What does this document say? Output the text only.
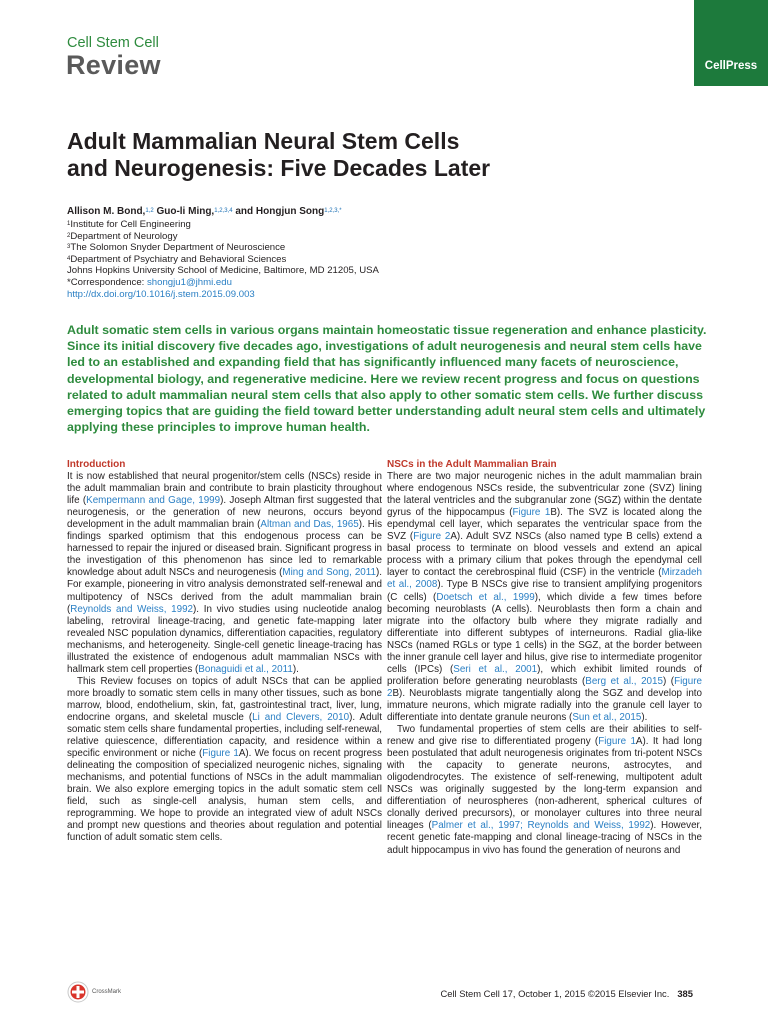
Cell Stem Cell
Review	CellPress
Adult Mammalian Neural Stem Cells
and Neurogenesis: Five Decades Later
Allison M. Bond,$^{1,2}$ Guo-li Ming,$^{1,2,3,4}$ and Hongjun Song$^{1,2,3,*}$
$^1$Institute for Cell Engineering
$^2$Department of Neurology
$^3$The Solomon Snyder Department of Neuroscience
$^4$Department of Psychiatry and Behavioral Sciences
Johns Hopkins University School of Medicine, Baltimore, MD 21205, USA
*Correspondence: shongju1@jhmi.edu
http://dx.doi.org/10.1016/j.stem.2015.09.003
Adult somatic stem cells in various organs maintain homeostatic tissue regeneration and enhance plasticity. Since its initial discovery five decades ago, investigations of adult neurogenesis and neural stem cells have led to an established and expanding field that has significantly influenced many facets of neuroscience, developmental biology, and regenerative medicine. Here we review recent progress and focus on questions related to adult mammalian neural stem cells that also apply to other somatic stem cells. We further discuss emerging topics that are guiding the field toward better understanding adult neural stem cells and ultimately applying these principles to improve human health.
Introduction

It is now established that neural progenitor/stem cells (NSCs) reside in the adult mammalian brain and contribute to brain plasticity throughout life (Kempermann and Gage, 1999). Joseph Altman first suggested that neurogenesis, or the generation of new neurons, occurs beyond development in the adult mammalian brain (Altman and Das, 1965). His findings sparked optimism that this endogenous process can be harnessed to repair the injured or diseased brain. Significant progress in the investigation of this phenomenon has since led to remarkable knowledge about adult NSCs and neurogenesis (Ming and Song, 2011). For example, pioneering in vitro analysis demonstrated self-renewal and multipotency of NSCs derived from the adult mammalian brain (Reynolds and Weiss, 1992). In vivo studies using nucleotide analog labeling, retroviral lineage-tracing, and genetic fate-mapping later revealed NSC population dynamics, differentiation capacities, regulatory mechanisms, and heterogeneity. Single-cell genetic lineage-tracing has illustrated the existence of endogenous adult mammalian NSCs with hallmark stem cell properties (Bonaguidi et al., 2011).

This Review focuses on topics of adult NSCs that can be applied more broadly to somatic stem cells in many other tissues, such as bone marrow, blood, endothelium, skin, fat, gastrointestinal tract, liver, lung, endocrine organs, and skeletal muscle (Li and Clevers, 2010). Adult somatic stem cells share fundamental properties, including self-renewal, relative quiescence, differentiation capacity, and residence within a specific environment or niche (Figure 1A). We focus on recent progress delineating the composition of specialized neurogenic niches, signaling mechanisms, and potential functions of NSCs in the adult mammalian brain. We also explore emerging topics in the adult somatic stem cell field, such as single-cell analysis, human stem cells, and reprogramming. We hope to provide an integrated view of adult NSCs and prompt new questions and theories about regulation and potential function of adult somatic stem cells.

NSCs in the Adult Mammalian Brain

There are two major neurogenic niches in the adult mammalian brain where endogenous NSCs reside, the subventricular zone (SVZ) lining the lateral ventricles and the subgranular zone (SGZ) within the dentate gyrus of the hippocampus (Figure 1B). The SVZ is located along the ependymal cell layer, which separates the ventricular space from the SVZ (Figure 2A). Adult SVZ NSCs (also named type B cells) extend a basal process to terminate on blood vessels and extend an apical process with a primary cilium that pokes through the ependymal cell layer to contact the cerebrospinal fluid (CSF) in the ventricle (Mirzadeh et al., 2008). Type B NSCs give rise to transient amplifying progenitors (C cells) (Doetsch et al., 1999), which divide a few times before becoming neuroblasts (A cells). Neuroblasts then form a chain and migrate into the olfactory bulb where they migrate radially and differentiate into different subtypes of interneurons. Radial glia-like NSCs (named RGLs or type 1 cells) in the SGZ, at the border between the inner granule cell layer and hilus, give rise to intermediate progenitor cells (IPCs) (Seri et al., 2001), which exhibit limited rounds of proliferation before generating neuroblasts (Berg et al., 2015) (Figure 2B). Neuroblasts migrate tangentially along the SGZ and develop into immature neurons, which migrate radially into the granule cell layer to differentiate into dentate granule neurons (Sun et al., 2015).

Two fundamental properties of stem cells are their abilities to self-renew and give rise to differentiated progeny (Figure 1A). It had long been postulated that adult neurogenesis originates from tri-potent NSCs with the capacity to generate neurons, astrocytes, and oligodendrocytes. The existence of self-renewing, multipotent adult NSCs was originally suggested by the long-term expansion and differentiation of neurospheres (non-adherent, spherical cultures of clonally derived precursors), or monolayer cultures into three neural lineages (Palmer et al., 1997; Reynolds and Weiss, 1992). However, recent genetic fate-mapping and clonal lineage-tracing of NSCs in the adult hippocampus in vivo has found the generation of neurons and

CrossMark	Cell Stem Cell 17, October 1, 2015 ©2015 Elsevier Inc. 385
